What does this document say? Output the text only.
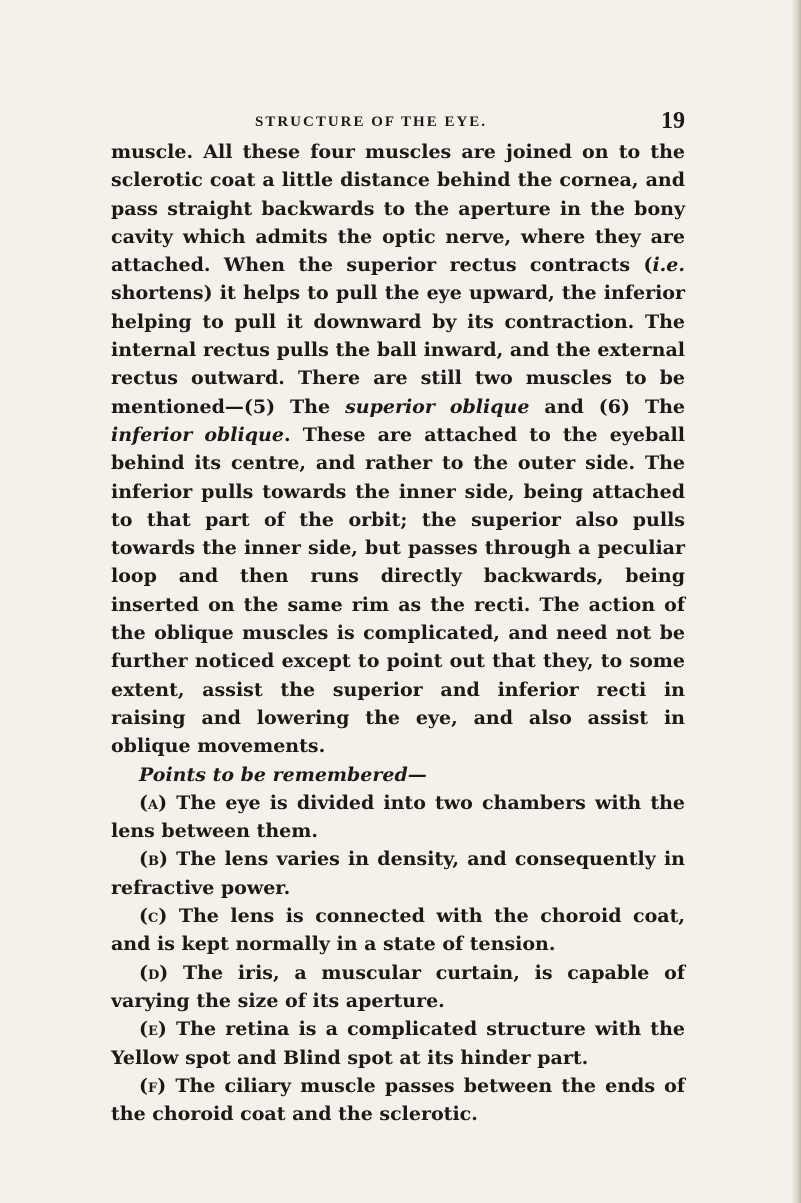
STRUCTURE OF THE EYE.	19

muscle. All these four muscles are joined on to the sclerotic coat a little distance behind the cornea, and pass straight backwards to the aperture in the bony cavity which admits the optic nerve, where they are attached. When the superior rectus contracts (i.e. shortens) it helps to pull the eye upward, the inferior helping to pull it downward by its contraction. The internal rectus pulls the ball inward, and the external rectus outward. There are still two muscles to be mentioned—(5) The superior oblique and (6) The inferior oblique. These are attached to the eyeball behind its centre, and rather to the outer side. The inferior pulls towards the inner side, being attached to that part of the orbit; the superior also pulls towards the inner side, but passes through a peculiar loop and then runs directly backwards, being inserted on the same rim as the recti. The action of the oblique muscles is complicated, and need not be further noticed except to point out that they, to some extent, assist the superior and inferior recti in raising and lowering the eye, and also assist in oblique movements.

Points to be remembered—

(a) The eye is divided into two chambers with the lens between them.

(b) The lens varies in density, and consequently in refractive power.

(c) The lens is connected with the choroid coat, and is kept normally in a state of tension.

(d) The iris, a muscular curtain, is capable of varying the size of its aperture.

(e) The retina is a complicated structure with the Yellow spot and Blind spot at its hinder part.

(f) The ciliary muscle passes between the ends of the choroid coat and the sclerotic.
